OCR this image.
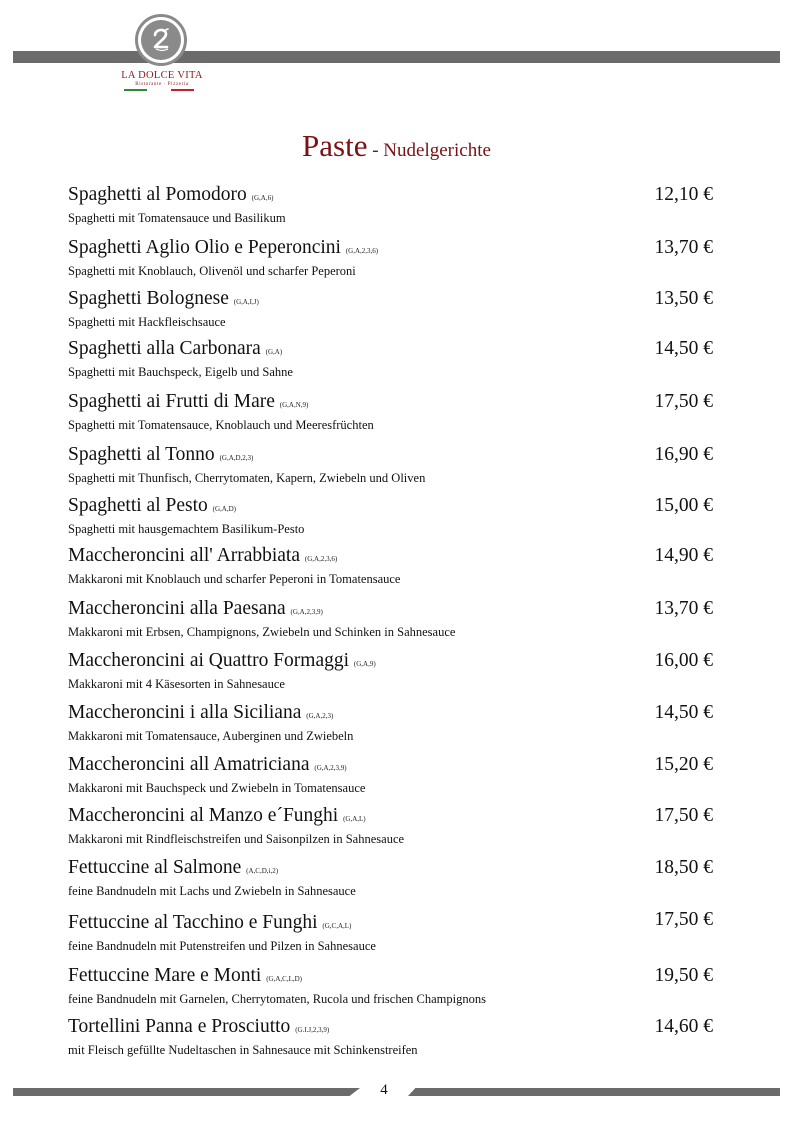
LA DOLCE VITA
Ristorante · Pizzeria
Paste - Nudelgerichte
Spaghetti al Pomodoro (G,A,6)
Spaghetti mit Tomatensauce und Basilikum
12,10 €
Spaghetti Aglio Olio e Peperoncini (G,A,2,3,6)
Spaghetti mit Knoblauch, Olivenöl und scharfer Peperoni
13,70 €
Spaghetti Bolognese (G,A,I,J)
Spaghetti mit Hackfleischsauce
13,50 €
Spaghetti alla Carbonara (G,A)
Spaghetti mit Bauchspeck, Eigelb und Sahne
14,50 €
Spaghetti ai Frutti di Mare (G,A,N,9)
Spaghetti mit Tomatensauce, Knoblauch und Meeresfrüchten
17,50 €
Spaghetti al Tonno (G,A,D,2,3)
Spaghetti mit Thunfisch, Cherrytomaten, Kapern, Zwiebeln und Oliven
16,90 €
Spaghetti al Pesto (G,A,D)
Spaghetti mit hausgemachtem Basilikum-Pesto
15,00 €
Maccheroncini all' Arrabbiata (G,A,2,3,6)
Makkaroni mit Knoblauch und scharfer Peperoni in Tomatensauce
14,90 €
Maccheroncini alla Paesana (G,A,2,3,9)
Makkaroni mit Erbsen, Champignons, Zwiebeln und Schinken in Sahnesauce
13,70 €
Maccheroncini ai Quattro Formaggi (G,A,9)
Makkaroni mit 4 Käsesorten in Sahnesauce
16,00 €
Maccheroncini i alla Siciliana (G,A,2,3)
Makkaroni mit Tomatensauce, Auberginen und Zwiebeln
14,50 €
Maccheroncini all Amatriciana (G,A,2,3,9)
Makkaroni mit Bauchspeck und Zwiebeln in Tomatensauce
15,20 €
Maccheroncini al Manzo e´Funghi (G,A,L)
Makkaroni mit Rindfleischstreifen und Saisonpilzen in Sahnesauce
17,50 €
Fettuccine al Salmone (A,C,D,i,2)
feine Bandnudeln mit Lachs und Zwiebeln in Sahnesauce
18,50 €
Fettuccine al Tacchino e Funghi (G,C,A,L)
feine Bandnudeln mit Putenstreifen und Pilzen in Sahnesauce
17,50 €
Fettuccine Mare e Monti (G,A,C,L,D)
feine Bandnudeln mit Garnelen, Cherrytomaten, Rucola und frischen Champignons
19,50 €
Tortellini Panna e Prosciutto (G.I.J,2,3,9)
mit Fleisch gefüllte Nudeltaschen in Sahnesauce mit Schinkenstreifen
14,60 €
4
